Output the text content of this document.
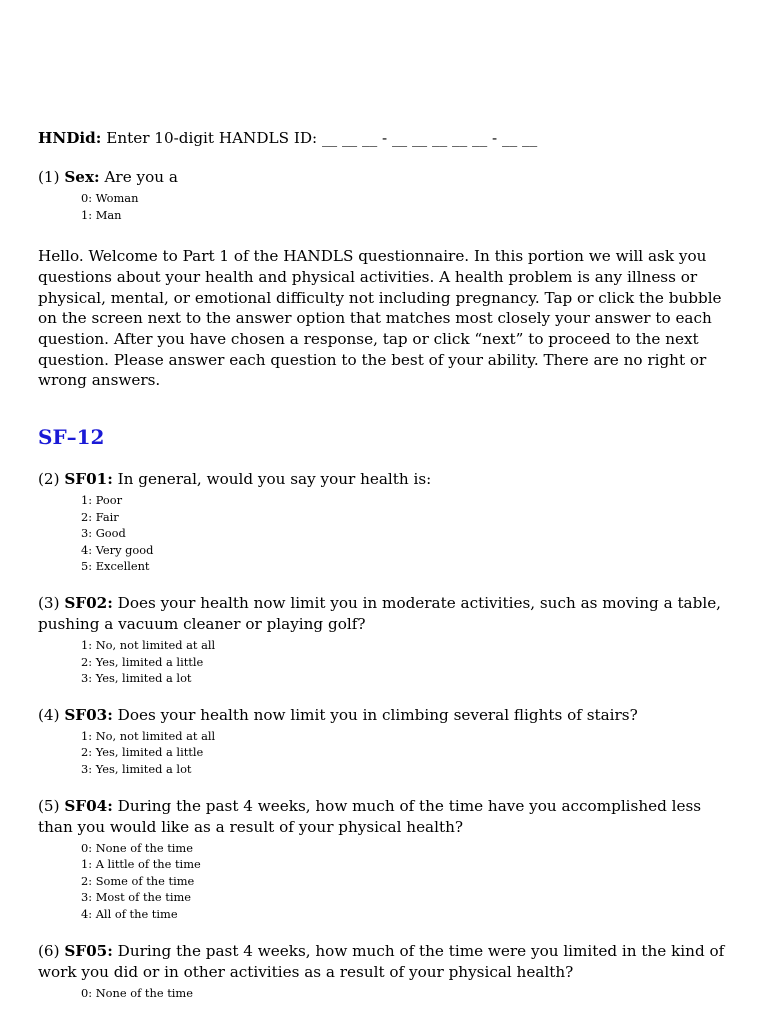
HNDid: Enter 10-digit HANDLS ID: __ __ __ - __ __ __ __ __ - __ __
(1) Sex: Are you a
0: Woman
1: Man
Hello. Welcome to Part 1 of the HANDLS questionnaire. In this portion we will ask you questions about your health and physical activities. A health problem is any illness or physical, mental, or emotional difficulty not including pregnancy. Tap or click the bubble on the screen next to the answer option that matches most closely your answer to each question. After you have chosen a response, tap or click “next” to proceed to the next question. Please answer each question to the best of your ability. There are no right or wrong answers.
SF–12
(2) SF01: In general, would you say your health is:
1: Poor
2: Fair
3: Good
4: Very good
5: Excellent
(3) SF02: Does your health now limit you in moderate activities, such as moving a table, pushing a vacuum cleaner or playing golf?
1: No, not limited at all
2: Yes, limited a little
3: Yes, limited a lot
(4) SF03: Does your health now limit you in climbing several flights of stairs?
1: No, not limited at all
2: Yes, limited a little
3: Yes, limited a lot
(5) SF04: During the past 4 weeks, how much of the time have you accomplished less than you would like as a result of your physical health?
0: None of the time
1: A little of the time
2: Some of the time
3: Most of the time
4: All of the time
(6) SF05: During the past 4 weeks, how much of the time were you limited in the kind of work you did or in other activities as a result of your physical health?
0: None of the time
